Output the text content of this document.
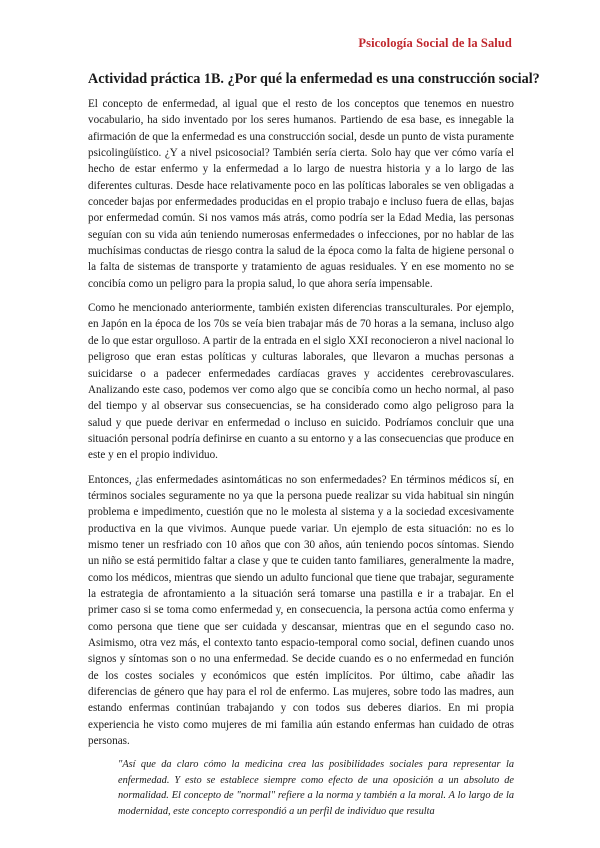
Psicología Social de la Salud
Actividad práctica 1B. ¿Por qué la enfermedad es una construcción social?

El concepto de enfermedad, al igual que el resto de los conceptos que tenemos en nuestro vocabulario, ha sido inventado por los seres humanos. Partiendo de esa base, es innegable la afirmación de que la enfermedad es una construcción social, desde un punto de vista puramente psicolingüístico. ¿Y a nivel psicosocial? También sería cierta. Solo hay que ver cómo varía el hecho de estar enfermo y la enfermedad a lo largo de nuestra historia y a lo largo de las diferentes culturas. Desde hace relativamente poco en las políticas laborales se ven obligadas a conceder bajas por enfermedades producidas en el propio trabajo e incluso fuera de ellas, bajas por enfermedad común. Si nos vamos más atrás, como podría ser la Edad Media, las personas seguían con su vida aún teniendo numerosas enfermedades o infecciones, por no hablar de las muchísimas conductas de riesgo contra la salud de la época como la falta de higiene personal o la falta de sistemas de transporte y tratamiento de aguas residuales. Y en ese momento no se concibía como un peligro para la propia salud, lo que ahora sería impensable.

Como he mencionado anteriormente, también existen diferencias transculturales. Por ejemplo, en Japón en la época de los 70s se veía bien trabajar más de 70 horas a la semana, incluso algo de lo que estar orgulloso. A partir de la entrada en el siglo XXI reconocieron a nivel nacional lo peligroso que eran estas políticas y culturas laborales, que llevaron a muchas personas a suicidarse o a padecer enfermedades cardíacas graves y accidentes cerebrovasculares. Analizando este caso, podemos ver como algo que se concibía como un hecho normal, al paso del tiempo y al observar sus consecuencias, se ha considerado como algo peligroso para la salud y que puede derivar en enfermedad o incluso en suicido. Podríamos concluir que una situación personal podría definirse en cuanto a su entorno y a las consecuencias que produce en este y en el propio individuo.

Entonces, ¿las enfermedades asintomáticas no son enfermedades? En términos médicos sí, en términos sociales seguramente no ya que la persona puede realizar su vida habitual sin ningún problema e impedimento, cuestión que no le molesta al sistema y a la sociedad excesivamente productiva en la que vivimos. Aunque puede variar. Un ejemplo de esta situación: no es lo mismo tener un resfriado con 10 años que con 30 años, aún teniendo pocos síntomas. Siendo un niño se está permitido faltar a clase y que te cuiden tanto familiares, generalmente la madre, como los médicos, mientras que siendo un adulto funcional que tiene que trabajar, seguramente la estrategia de afrontamiento a la situación será tomarse una pastilla e ir a trabajar. En el primer caso si se toma como enfermedad y, en consecuencia, la persona actúa como enferma y como persona que tiene que ser cuidada y descansar, mientras que en el segundo caso no. Asimismo, otra vez más, el contexto tanto espacio-temporal como social, definen cuando unos signos y síntomas son o no una enfermedad. Se decide cuando es o no enfermedad en función de los costes sociales y económicos que estén implícitos. Por último, cabe añadir las diferencias de género que hay para el rol de enfermo. Las mujeres, sobre todo las madres, aun estando enfermas continúan trabajando y con todos sus deberes diarios. En mi propia experiencia he visto como mujeres de mi familia aún estando enfermas han cuidado de otras personas.

"Así que da claro cómo la medicina crea las posibilidades sociales para representar la enfermedad. Y esto se establece siempre como efecto de una oposición a un absoluto de normalidad. El concepto de "normal" refiere a la norma y también a la moral. A lo largo de la modernidad, este concepto correspondió a un perfil de individuo que resulta
